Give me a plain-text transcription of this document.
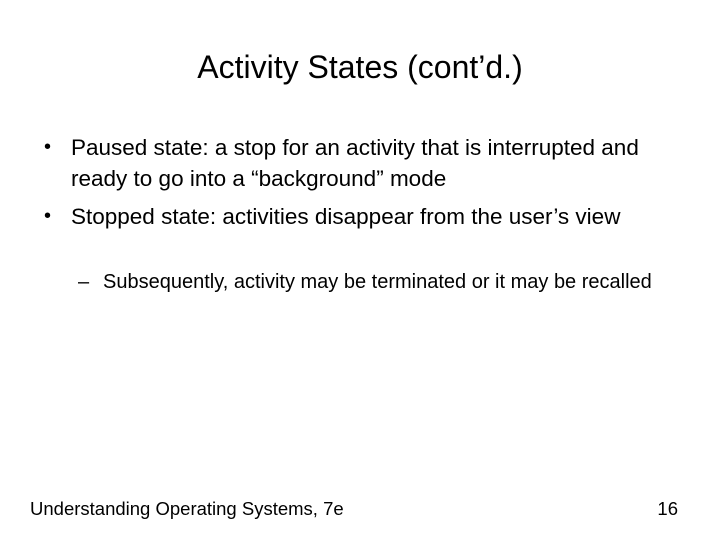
Activity States (cont’d.)
• Paused state: a stop for an activity that is interrupted and ready to go into a “background” mode
• Stopped state: activities disappear from the user’s view
– Subsequently, activity may be terminated or it may be recalled
Understanding Operating Systems, 7e	16
